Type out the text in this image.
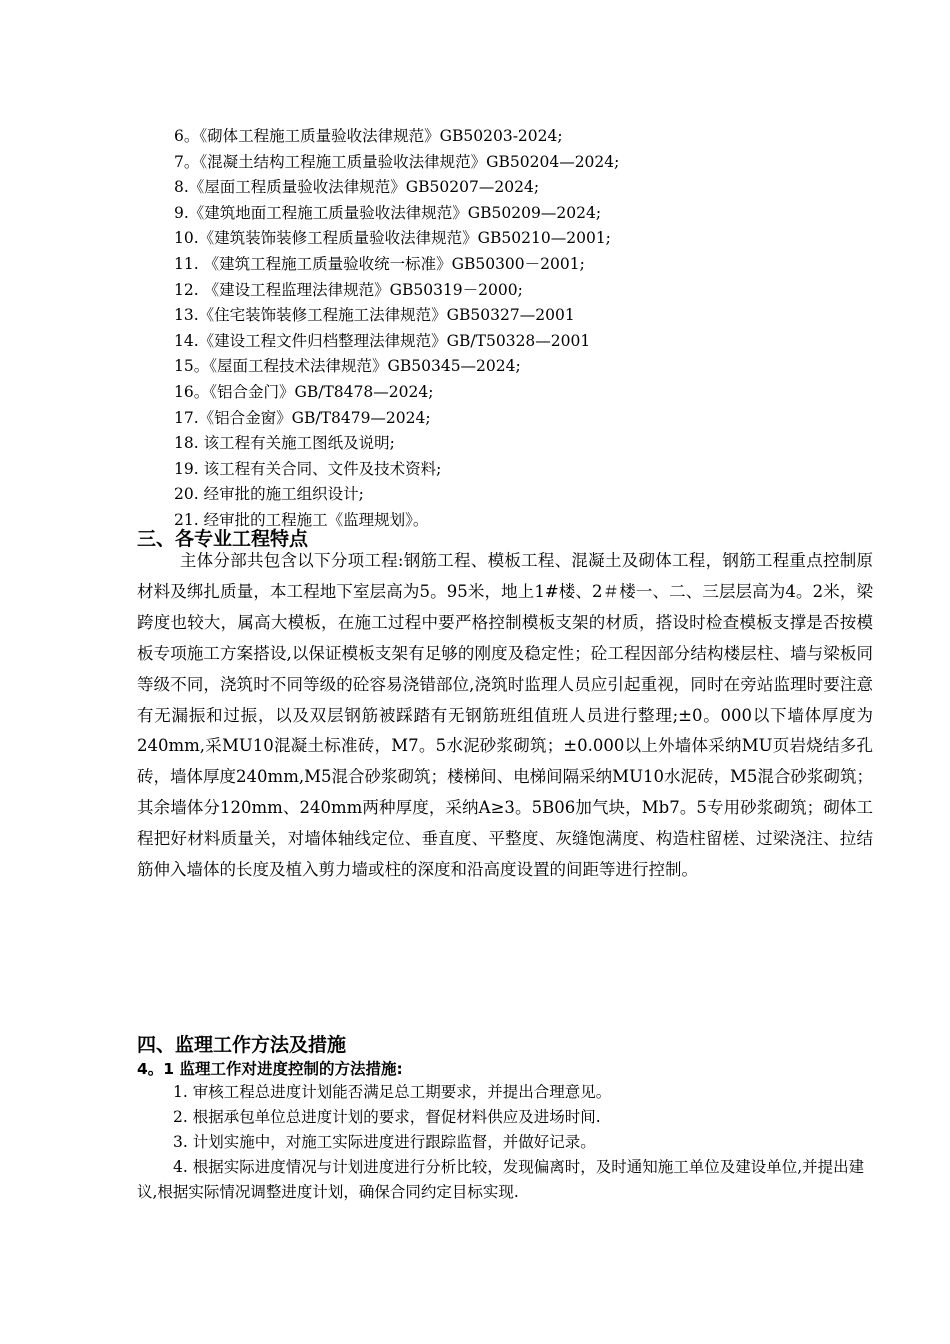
6。《砌体工程施工质量验收法律规范》GB50203-2024;
7。《混凝土结构工程施工质量验收法律规范》GB50204—2024;
8.《屋面工程质量验收法律规范》GB50207—2024;
9.《建筑地面工程施工质量验收法律规范》GB50209—2024;
10.《建筑装饰装修工程质量验收法律规范》GB50210—2001;
11. 《建筑工程施工质量验收统一标准》GB50300－2001;
12. 《建设工程监理法律规范》GB50319－2000;
13.《住宅装饰装修工程施工法律规范》GB50327—2001
14.《建设工程文件归档整理法律规范》GB/T50328—2001
15。《屋面工程技术法律规范》GB50345—2024;
16。《铝合金门》GB/T8478—2024;
17.《铝合金窗》GB/T8479—2024;
18. 该工程有关施工图纸及说明;
19. 该工程有关合同、文件及技术资料;
20. 经审批的施工组织设计;
21. 经审批的工程施工《监理规划》。
三、各专业工程特点
主体分部共包含以下分项工程:钢筋工程、模板工程、混凝土及砌体工程，钢筋工程重点控制原材料及绑扎质量，本工程地下室层高为5。95米，地上1#楼、2＃楼一、二、三层层高为4。2米，梁跨度也较大，属高大模板，在施工过程中要严格控制模板支架的材质，搭设时检查模板支撑是否按模板专项施工方案搭设,以保证模板支架有足够的刚度及稳定性；砼工程因部分结构楼层柱、墙与梁板同等级不同，浇筑时不同等级的砼容易浇错部位,浇筑时监理人员应引起重视，同时在旁站监理时要注意有无漏振和过振，以及双层钢筋被踩踏有无钢筋班组值班人员进行整理;±0。000以下墙体厚度为240mm,采MU10混凝土标准砖，M7。5水泥砂浆砌筑；±0.000以上外墙体采纳MU页岩烧结多孔砖，墙体厚度240mm,M5混合砂浆砌筑；楼梯间、电梯间隔采纳MU10水泥砖，M5混合砂浆砌筑；其余墙体分120mm、240mm两种厚度，采纳A≥3。5B06加气块，Mb7。5专用砂浆砌筑；砌体工程把好材料质量关，对墙体轴线定位、垂直度、平整度、灰缝饱满度、构造柱留槎、过梁浇注、拉结筋伸入墙体的长度及植入剪力墙或柱的深度和沿高度设置的间距等进行控制。
四、监理工作方法及措施
4。1 监理工作对进度控制的方法措施:
1. 审核工程总进度计划能否满足总工期要求，并提出合理意见。
2. 根据承包单位总进度计划的要求，督促材料供应及进场时间.
3. 计划实施中，对施工实际进度进行跟踪监督，并做好记录。
4. 根据实际进度情况与计划进度进行分析比较，发现偏离时，及时通知施工单位及建设单位,并提出建议,根据实际情况调整进度计划，确保合同约定目标实现.
